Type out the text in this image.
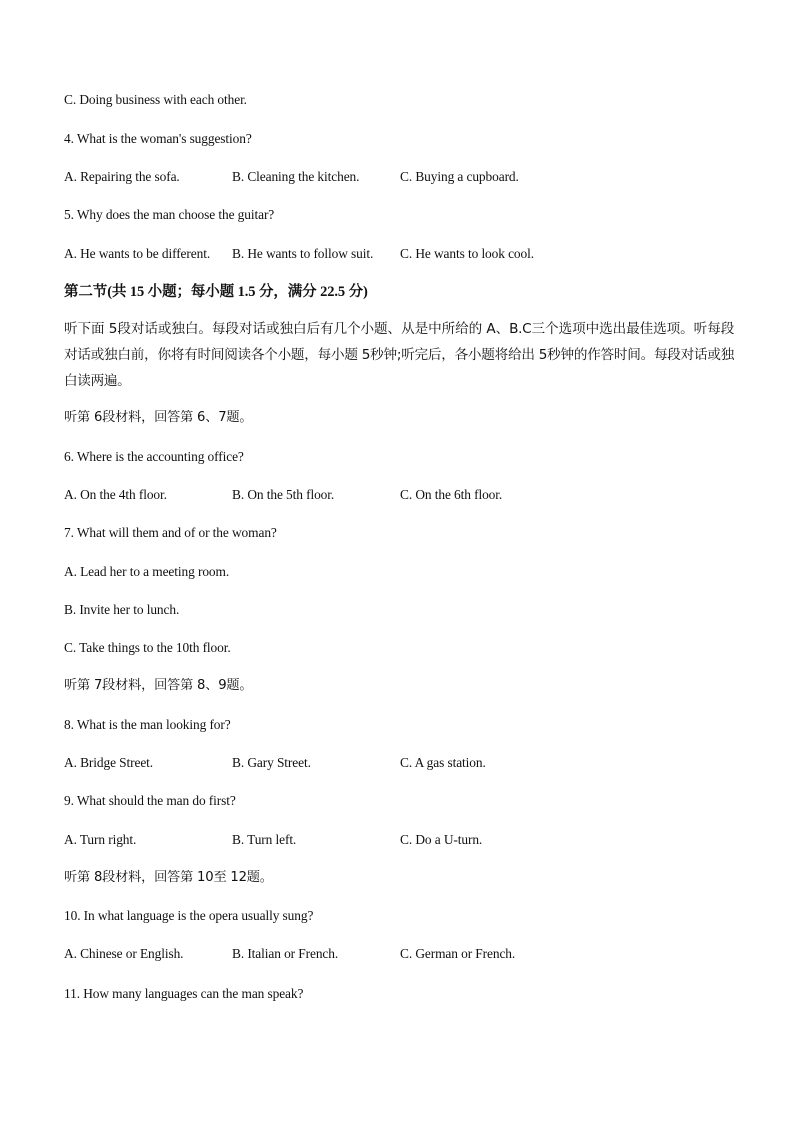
C. Doing business with each other.
4. What is the woman's suggestion?
A. Repairing the sofa.	B. Cleaning the kitchen.	C. Buying a cupboard.
5. Why does the man choose the guitar?
A. He wants to be different. B. He wants to follow suit. C. He wants to look cool.
第二节(共 15 小题；每小题 1.5 分，满分 22.5 分)
听下面 5段对话或独白。每段对话或独白后有几个小题、从是中所给的 A、B.C三个选项中选出最佳选项。听每段对话或独白前，你将有时间阅读各个小题，每小题 5秒钟;听完后，各小题将给出 5秒钟的作答时间。每段对话或独白读两遍。
听第 6段材料，回答第 6、7题。
6. Where is the accounting office?
A. On the 4th floor.	B. On the 5th floor.	C. On the 6th floor.
7. What will them and of or the woman?
A. Lead her to a meeting room.
B. Invite her to lunch.
C. Take things to the 10th floor.
听第 7段材料，回答第 8、9题。
8. What is the man looking for?
A. Bridge Street.	B. Gary Street.	C. A gas station.
9. What should the man do first?
A. Turn right.	B. Turn left.	C. Do a U-turn.
听第 8段材料，回答第 10至 12题。
10. In what language is the opera usually sung?
A. Chinese or English.	B. Italian or French.	C. German or French.
11. How many languages can the man speak?
